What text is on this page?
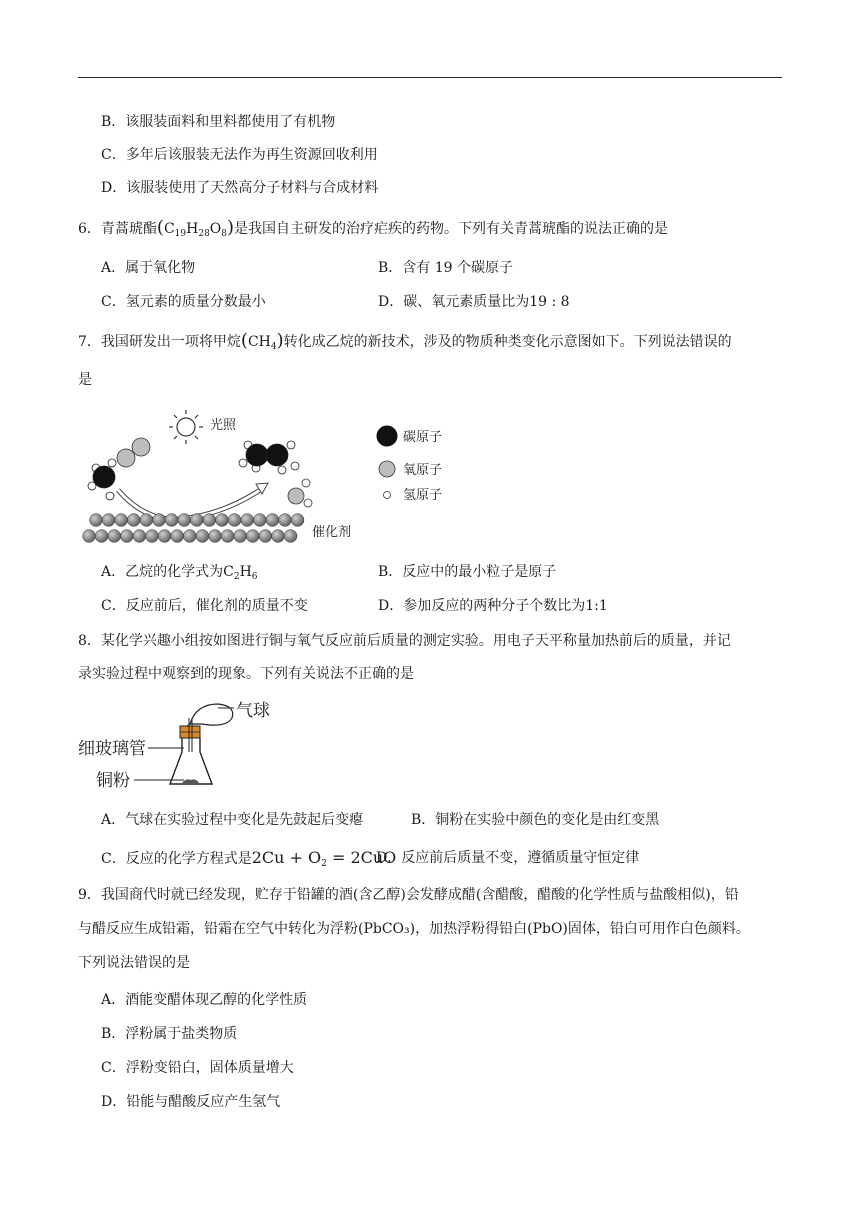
B．该服装面料和里料都使用了有机物
C．多年后该服装无法作为再生资源回收利用
D．该服装使用了天然高分子材料与合成材料
6．青蒿琥酯$(C_{19}H_{28}O_8)$是我国自主研发的治疗疟疾的药物。下列有关青蒿琥酯的说法正确的是
A．属于氧化物	B．含有 19 个碳原子
C．氢元素的质量分数最小	D．碳、氧元素质量比为19 : 8
7．我国研发出一项将甲烷$(CH_4)$转化成乙烷的新技术，涉及的物质种类变化示意图如下。下列说法错误的
是
光照
催化剂
碳原子
氧原子
氢原子
A．乙烷的化学式为$C_2H_6$	B．反应中的最小粒子是原子
C．反应前后，催化剂的质量不变	D．参加反应的两种分子个数比为1:1
8．某化学兴趣小组按如图进行铜与氧气反应前后质量的测定实验。用电子天平称量加热前后的质量，并记
录实验过程中观察到的现象。下列有关说法不正确的是
气球
细玻璃管
铜粉
A．气球在实验过程中变化是先鼓起后变瘪	B．铜粉在实验中颜色的变化是由红变黑
C．反应的化学方程式是$2Cu + O_2 = 2CuO$
D．反应前后质量不变，遵循质量守恒定律
9．我国商代时就已经发现，贮存于铅罐的酒(含乙醇)会发酵成醋(含醋酸，醋酸的化学性质与盐酸相似)，铅
与醋反应生成铅霜，铅霜在空气中转化为浮粉(PbCO₃)，加热浮粉得铅白(PbO)固体，铅白可用作白色颜料。
下列说法错误的是
A．酒能变醋体现乙醇的化学性质
B．浮粉属于盐类物质
C．浮粉变铅白，固体质量增大
D．铅能与醋酸反应产生氢气
